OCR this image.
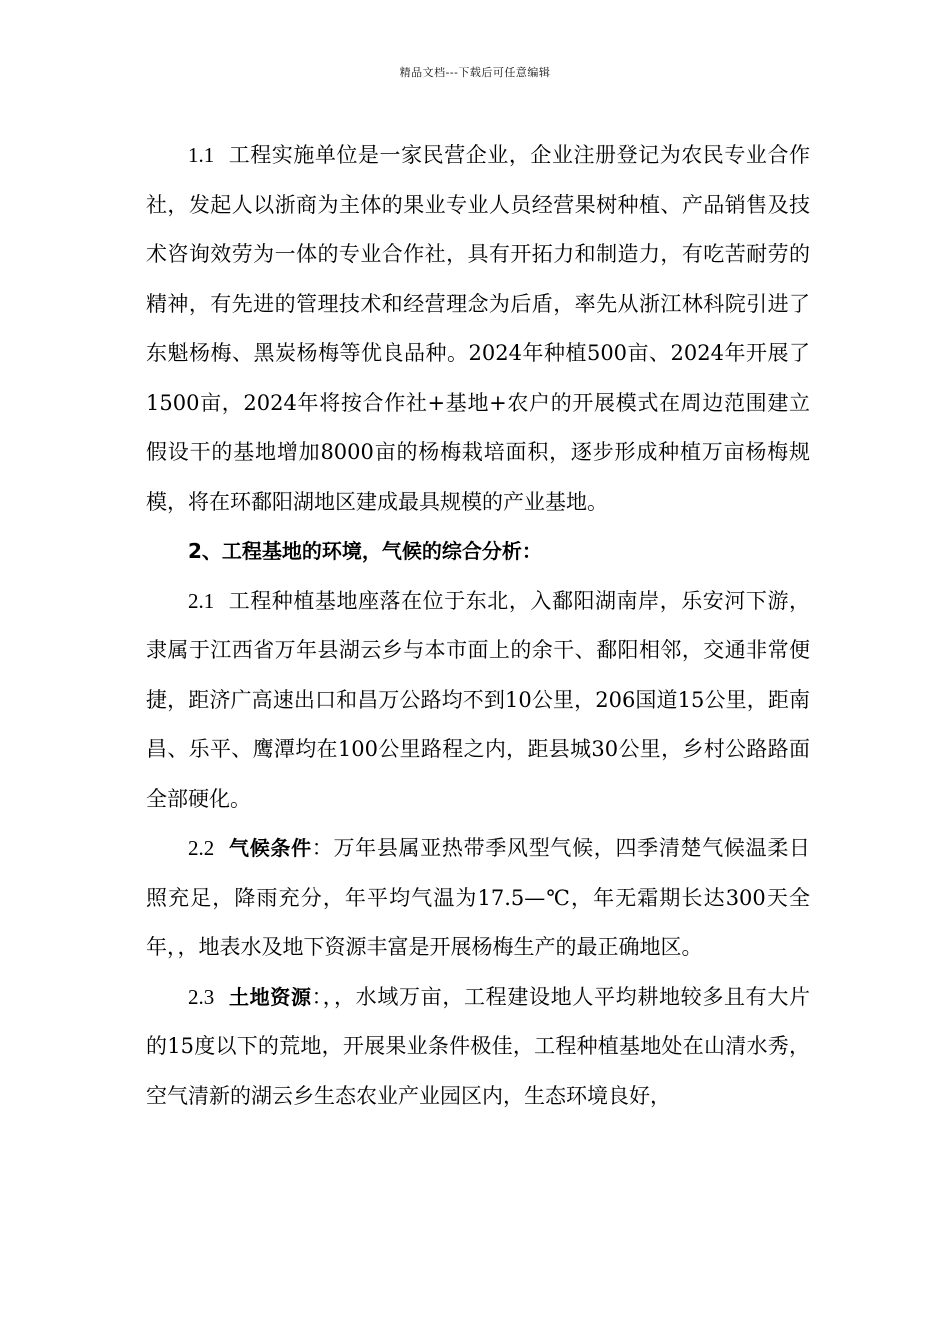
精品文档---下载后可任意编辑

1.1 工程实施单位是一家民营企业，企业注册登记为农民专业合作社，发起人以浙商为主体的果业专业人员经营果树种植、产品销售及技术咨询效劳为一体的专业合作社，具有开拓力和制造力，有吃苦耐劳的精神，有先进的管理技术和经营理念为后盾，率先从浙江林科院引进了东魁杨梅、黑炭杨梅等优良品种。2024年种植500亩、2024年开展了1500亩，2024年将按合作社+基地+农户的开展模式在周边范围建立假设干的基地增加8000亩的杨梅栽培面积，逐步形成种植万亩杨梅规模，将在环鄱阳湖地区建成最具规模的产业基地。

2、工程基地的环境，气候的综合分析：

2.1 工程种植基地座落在位于东北，入鄱阳湖南岸，乐安河下游，隶属于江西省万年县湖云乡与本市面上的余干、鄱阳相邻，交通非常便捷，距济广高速出口和昌万公路均不到10公里，206国道15公里，距南昌、乐平、鹰潭均在100公里路程之内，距县城30公里，乡村公路路面全部硬化。

2.2 气候条件：万年县属亚热带季风型气候，四季清楚气候温柔日照充足，降雨充分，年平均气温为17.5—℃，年无霜期长达300天全年，，地表水及地下资源丰富是开展杨梅生产的最正确地区。

2.3 土地资源：，，水域万亩，工程建设地人平均耕地较多且有大片的15度以下的荒地，开展果业条件极佳，工程种植基地处在山清水秀，空气清新的湖云乡生态农业产业园区内，生态环境良好，
